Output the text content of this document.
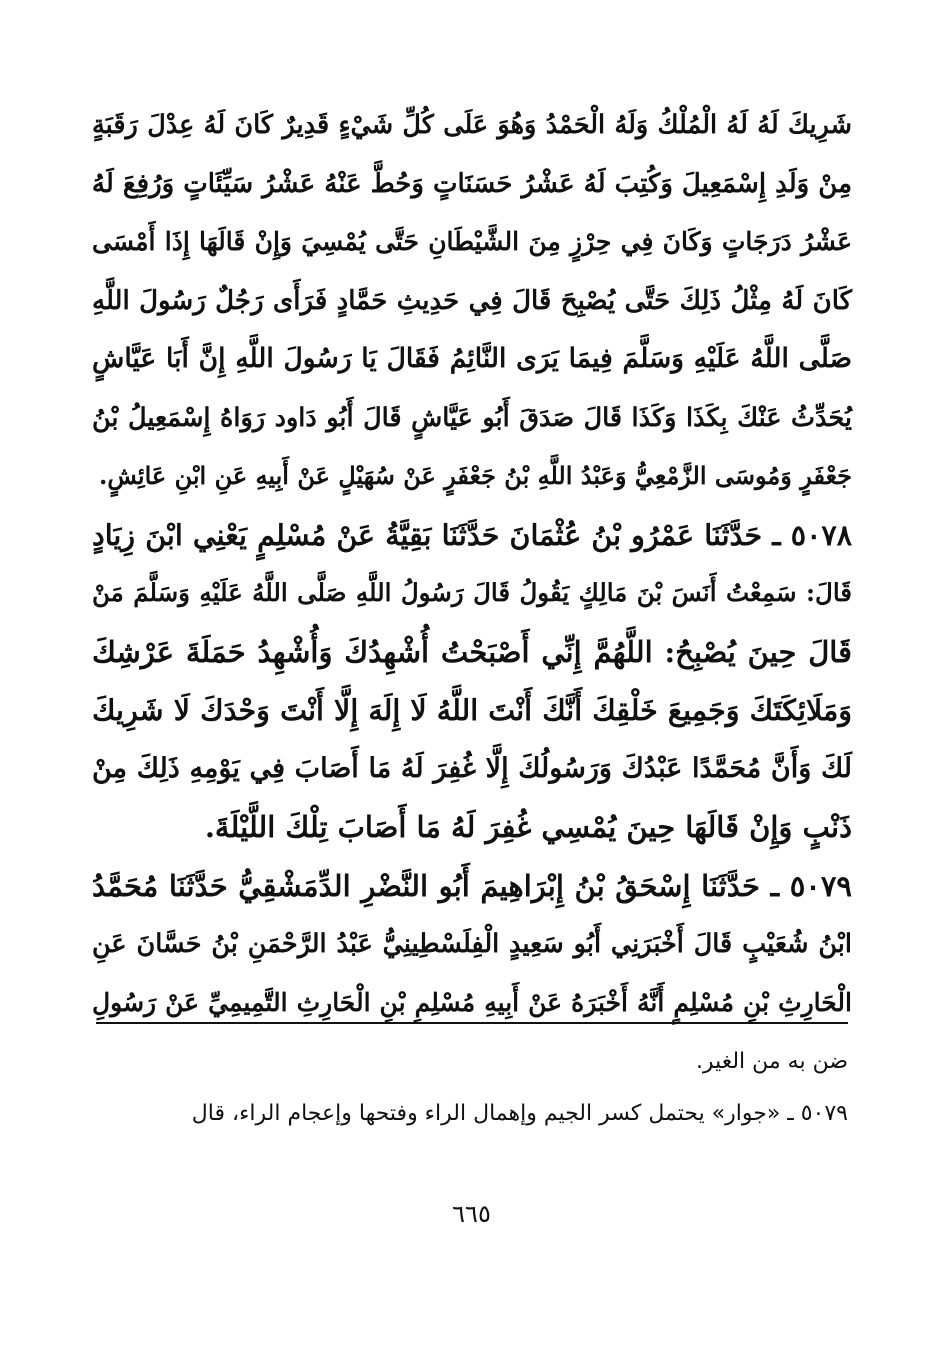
شَرِيكَ لَهُ لَهُ الْمُلْكُ وَلَهُ الْحَمْدُ وَهُوَ عَلَى كُلِّ شَيْءٍ قَدِيرٌ كَانَ لَهُ عِدْلَ رَقَبَةٍ
مِنْ وَلَدِ إِسْمَعِيلَ وَكُتِبَ لَهُ عَشْرُ حَسَنَاتٍ وَحُطَّ عَنْهُ عَشْرُ سَيِّئَاتٍ وَرُفِعَ لَهُ
عَشْرُ دَرَجَاتٍ وَكَانَ فِي حِرْزٍ مِنَ الشَّيْطَانِ حَتَّى يُمْسِيَ وَإِنْ قَالَهَا إِذَا أَمْسَى
كَانَ لَهُ مِثْلُ ذَلِكَ حَتَّى يُصْبِحَ قَالَ فِي حَدِيثِ حَمَّادٍ فَرَأَى رَجُلٌ رَسُولَ اللَّهِ
صَلَّى اللَّهُ عَلَيْهِ وَسَلَّمَ فِيمَا يَرَى النَّائِمُ فَقَالَ يَا رَسُولَ اللَّهِ إِنَّ أَبَا عَيَّاشٍ
يُحَدِّثُ عَنْكَ بِكَذَا وَكَذَا قَالَ صَدَقَ أَبُو عَيَّاشٍ قَالَ أَبُو دَاود رَوَاهُ إِسْمَعِيلُ بْنُ
جَعْفَرٍ وَمُوسَى الزَّمْعِيُّ وَعَبْدُ اللَّهِ بْنُ جَعْفَرٍ عَنْ سُهَيْلٍ عَنْ أَبِيهِ عَنِ ابْنِ عَائِشٍ.

٥٠٧٨ ـ حَدَّثَنَا عَمْرُو بْنُ عُثْمَانَ حَدَّثَنَا بَقِيَّةُ عَنْ مُسْلِمٍ يَعْنِي ابْنَ زِيَادٍ
قَالَ: سَمِعْتُ أَنَسَ بْنَ مَالِكٍ يَقُولُ قَالَ رَسُولُ اللَّهِ صَلَّى اللَّهُ عَلَيْهِ وَسَلَّمَ مَنْ
قَالَ حِينَ يُصْبِحُ: اللَّهُمَّ إِنِّي أَصْبَحْتُ أُشْهِدُكَ وَأُشْهِدُ حَمَلَةَ عَرْشِكَ
وَمَلَائِكَتَكَ وَجَمِيعَ خَلْقِكَ أَنَّكَ أَنْتَ اللَّهُ لَا إِلَهَ إِلَّا أَنْتَ وَحْدَكَ لَا شَرِيكَ
لَكَ وَأَنَّ مُحَمَّدًا عَبْدُكَ وَرَسُولُكَ إِلَّا غُفِرَ لَهُ مَا أَصَابَ فِي يَوْمِهِ ذَلِكَ مِنْ
ذَنْبٍ وَإِنْ قَالَهَا حِينَ يُمْسِي غُفِرَ لَهُ مَا أَصَابَ تِلْكَ اللَّيْلَةَ.

٥٠٧٩ ـ حَدَّثَنَا إِسْحَقُ بْنُ إِبْرَاهِيمَ أَبُو النَّضْرِ الدِّمَشْقِيُّ حَدَّثَنَا مُحَمَّدُ
ابْنُ شُعَيْبٍ قَالَ أَخْبَرَنِي أَبُو سَعِيدٍ الْفِلَسْطِينِيُّ عَبْدُ الرَّحْمَنِ بْنُ حَسَّانَ عَنِ
الْحَارِثِ بْنِ مُسْلِمٍ أَنَّهُ أَخْبَرَهُ عَنْ أَبِيهِ مُسْلِمِ بْنِ الْحَارِثِ التَّمِيمِيِّ عَنْ رَسُولِ

ضن به من الغير.
٥٠٧٩ ـ «جوار» يحتمل كسر الجيم وإهمال الراء وفتحها وإعجام الراء، قال
٦٦٥
